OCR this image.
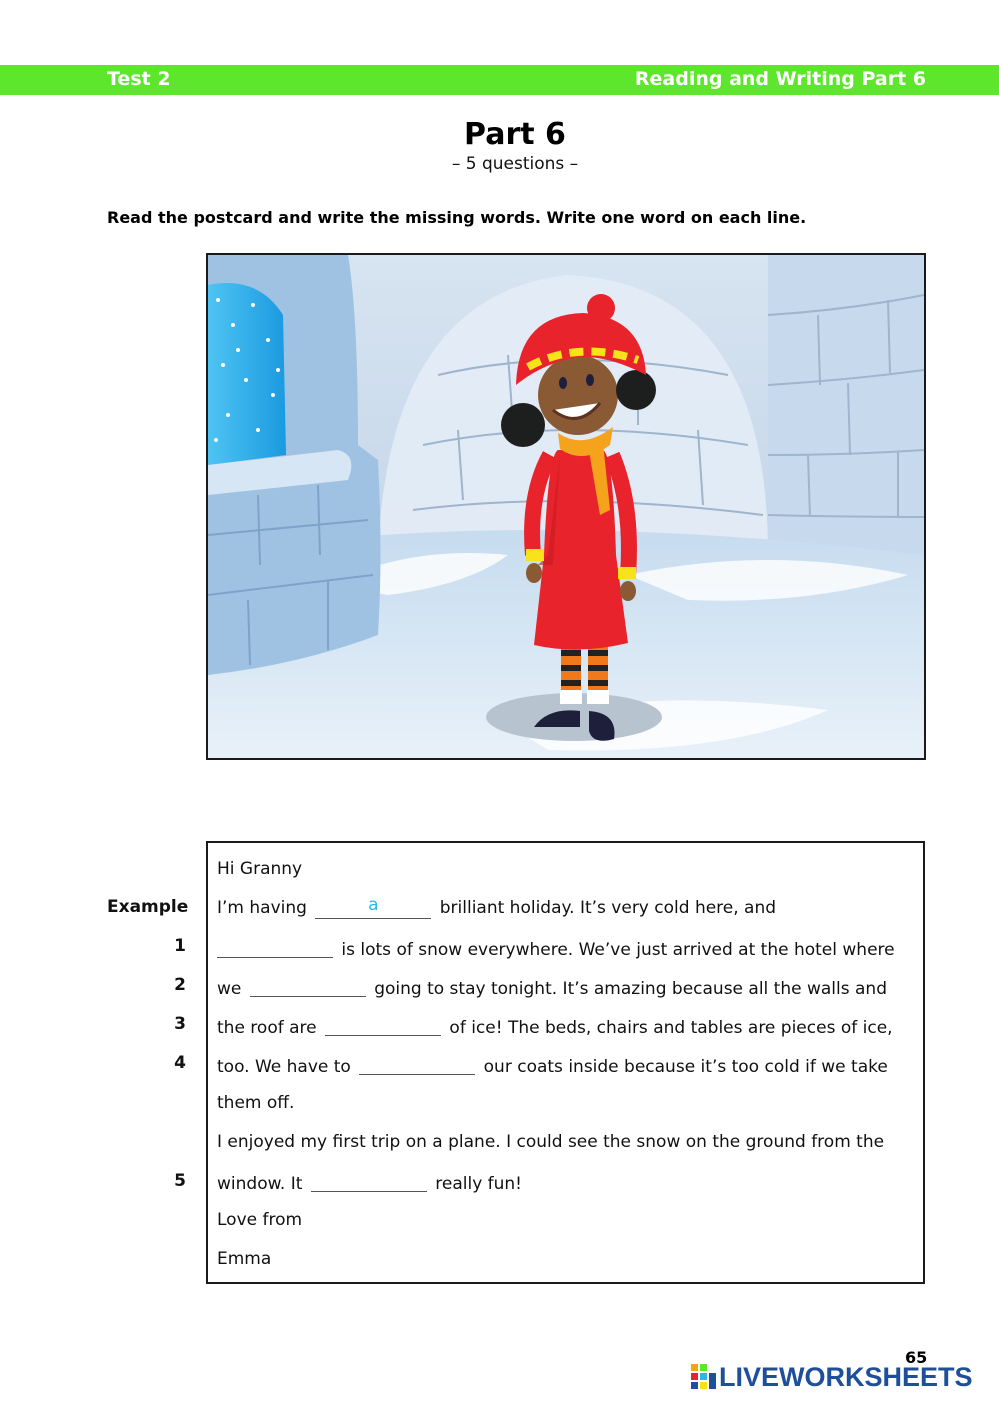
Test 2	Reading and Writing Part 6
Part 6
– 5 questions –
Read the postcard and write the missing words. Write one word on each line.
Example
1
2
3
4
5
Hi Granny
I’m having	a	brilliant holiday. It’s very cold here, and
is lots of snow everywhere. We’ve just arrived at the hotel where
we	going to stay tonight. It’s amazing because all the walls and
the roof are	of ice! The beds, chairs and tables are pieces of ice,
too. We have to	our coats inside because it’s too cold if we take
them off.
I enjoyed my first trip on a plane. I could see the snow on the ground from the
window. It	really fun!
Love from
Emma
65
LIVEWORKSHEETS
